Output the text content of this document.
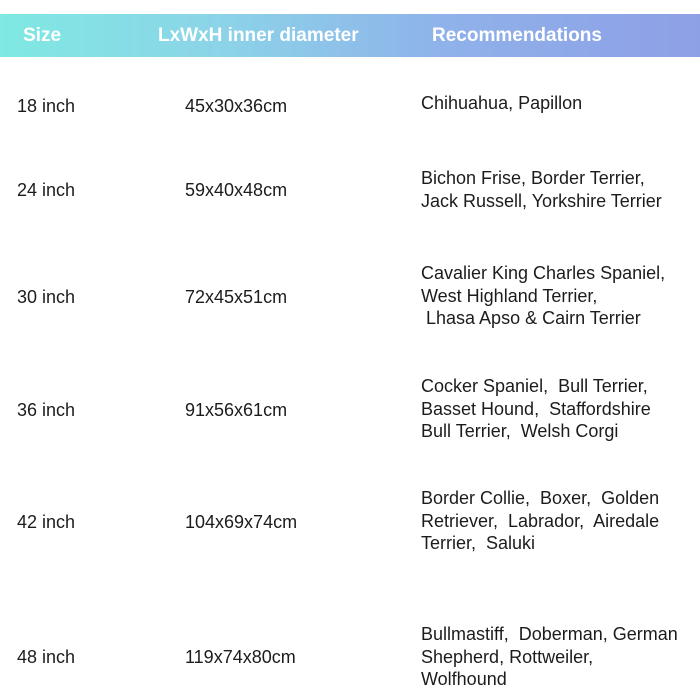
Size	LxWxH inner diameter	Recommendations
18 inch	45x30x36cm	Chihuahua, Papillon
24 inch	59x40x48cm
Bichon Frise, Border Terrier,
Jack Russell, Yorkshire Terrier
30 inch	72x45x51cm
Cavalier King Charles Spaniel,
West Highland Terrier,
Lhasa Apso & Cairn Terrier
36 inch	91x56x61cm
Cocker Spaniel,  Bull Terrier,
Basset Hound,  Staffordshire
Bull Terrier,  Welsh Corgi
42 inch	104x69x74cm
Border Collie,  Boxer,  Golden
Retriever,  Labrador,  Airedale
Terrier,  Saluki
48 inch	119x74x80cm
Bullmastiff,  Doberman, German
Shepherd, Rottweiler,
Wolfhound
